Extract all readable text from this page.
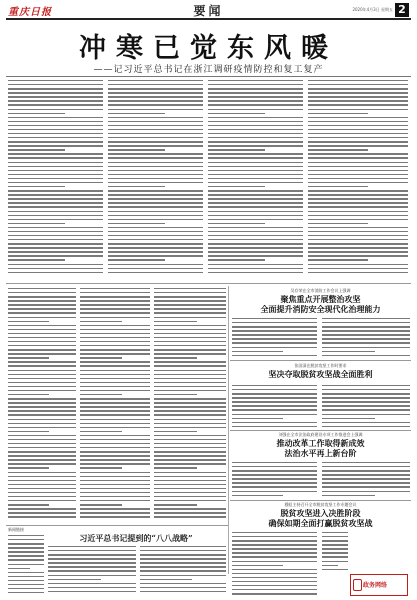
重庆日报	要闻	2020年4月3日 星期五 2
冲寒已觉东风暖
——记习近平总书记在浙江调研疫情防控和复工复产
吴存荣在全市消防工作会议上强调
聚焦重点开展整治攻坚
全面提升消防安全现代化治理能力
张国清在脱贫攻坚工作时要求
坚决夺取脱贫攻坚战全面胜利
刘强在全市法治政府建设专项工作推进会上强调
推动改革工作取得新成效
法治水平再上新台阶
穆虹主持召开全市脱贫攻坚工作专题会议
脱贫攻坚进入决胜阶段
确保如期全面打赢脱贫攻坚战
新闻链接
习近平总书记提到的“八八战略”
政务网络
